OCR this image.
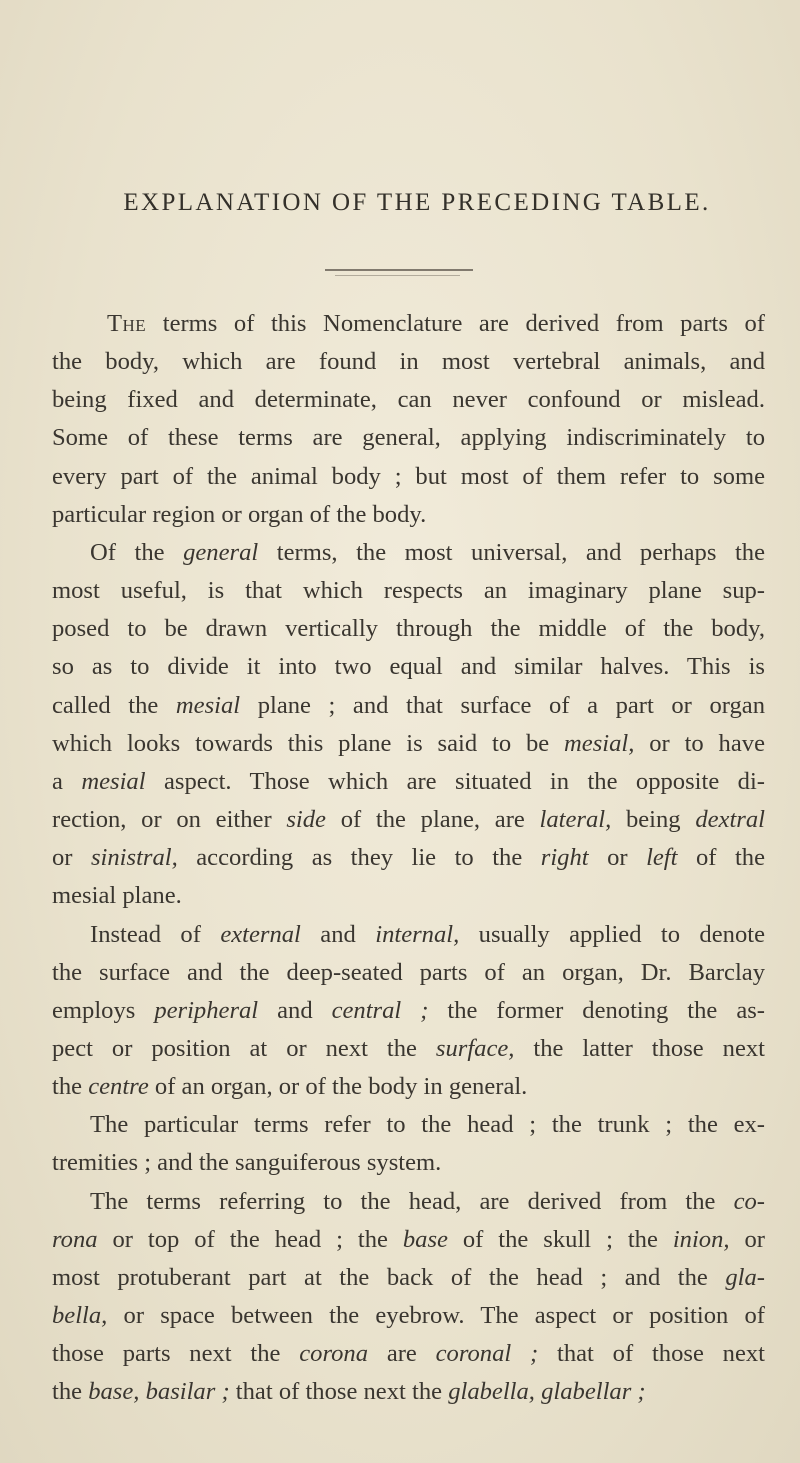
EXPLANATION OF THE PRECEDING TABLE.
The terms of this Nomenclature are derived from parts of
the body, which are found in most vertebral animals, and
being fixed and determinate, can never confound or mislead.
Some of these terms are general, applying indiscriminately to
every part of the animal body ; but most of them refer to some
particular region or organ of the body.
Of the general terms, the most universal, and perhaps the
most useful, is that which respects an imaginary plane sup-
posed to be drawn vertically through the middle of the body,
so as to divide it into two equal and similar halves. This is
called the mesial plane ; and that surface of a part or organ
which looks towards this plane is said to be mesial, or to have
a mesial aspect. Those which are situated in the opposite di-
rection, or on either side of the plane, are lateral, being dextral
or sinistral, according as they lie to the right or left of the
mesial plane.
Instead of external and internal, usually applied to denote
the surface and the deep-seated parts of an organ, Dr. Barclay
employs peripheral and central ; the former denoting the as-
pect or position at or next the surface, the latter those next
the centre of an organ, or of the body in general.
The particular terms refer to the head ; the trunk ; the ex-
tremities ; and the sanguiferous system.
The terms referring to the head, are derived from the co-
rona or top of the head ; the base of the skull ; the inion, or
most protuberant part at the back of the head ; and the gla-
bella, or space between the eyebrow. The aspect or position of
those parts next the corona are coronal ; that of those next
the base, basilar ; that of those next the glabella, glabellar ;
